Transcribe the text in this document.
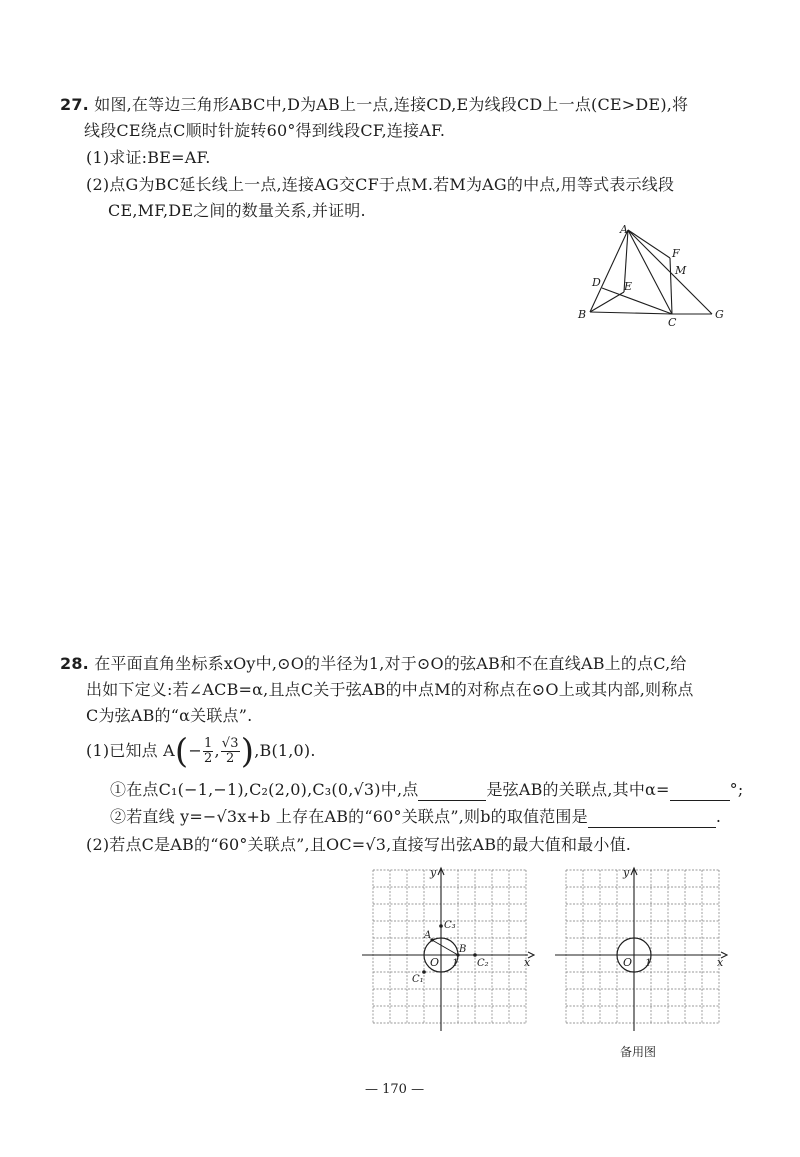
27. 如图,在等边三角形ABC中,D为AB上一点,连接CD,E为线段CD上一点(CE>DE),将
线段CE绕点C顺时针旋转60°得到线段CF,连接AF.
(1)求证:BE=AF.
(2)点G为BC延长线上一点,连接AG交CF于点M.若M为AG的中点,用等式表示线段
CE,MF,DE之间的数量关系,并证明.
A
B
C
D E
F
G
M
28. 在平面直角坐标系xOy中,⊙O的半径为1,对于⊙O的弦AB和不在直线AB上的点C,给
出如下定义:若∠ACB=α,且点C关于弦AB的中点M的对称点在⊙O上或其内部,则称点
C为弦AB的“α关联点”.
(1)已知点 $A(- \frac{1}{2}$ , $\frac{√3}{2} ),B(1,0)$.
①在点C₁(−1,−1),C₂(2,0),C₃(0,√3)中,点	是弦AB的关联点,其中α=	°;
②若直线 y=−√3x+b 上存在AB的“60°关联点”,则b的取值范围是	.
(2)若点C是AB的“60°关联点”,且OC=√3,直接写出弦AB的最大值和最小值.
y
x
O 1
A
B
C₁
C₂
C₃
y
x
O 1
备用图
— 170 —
